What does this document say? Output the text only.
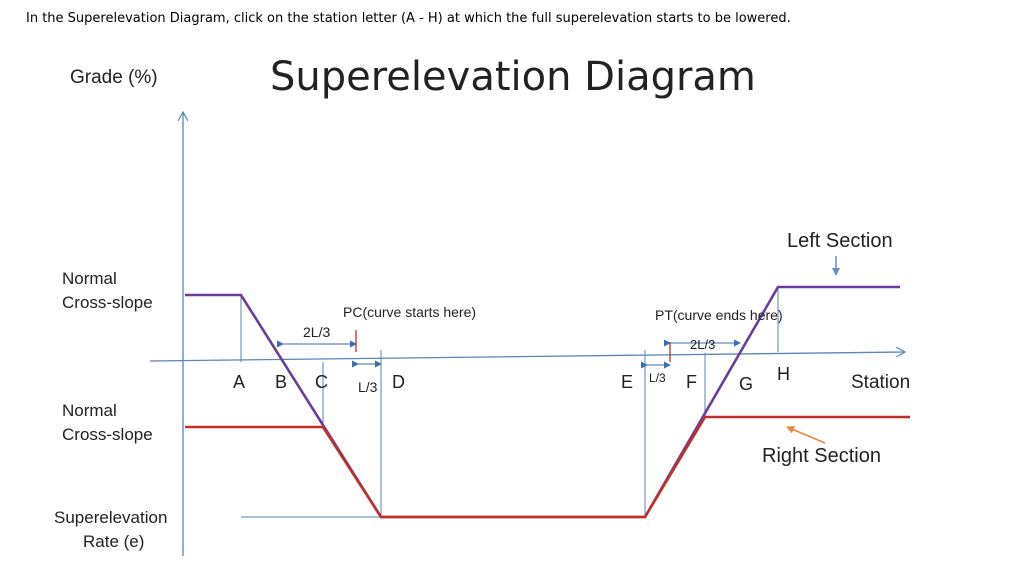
In the Superelevation Diagram, click on the station letter (A - H) at which the full superelevation starts to be lowered.
Superelevation Diagram
Grade (%)
Station
Normal Cross-slope
Normal Cross-slope
Superelevation Rate (e)
PC(curve starts here)	PT(curve ends here)
2L/3
2L/3
L/3
L/3
Left Section
Right Section
A B C	D	E	F G H
